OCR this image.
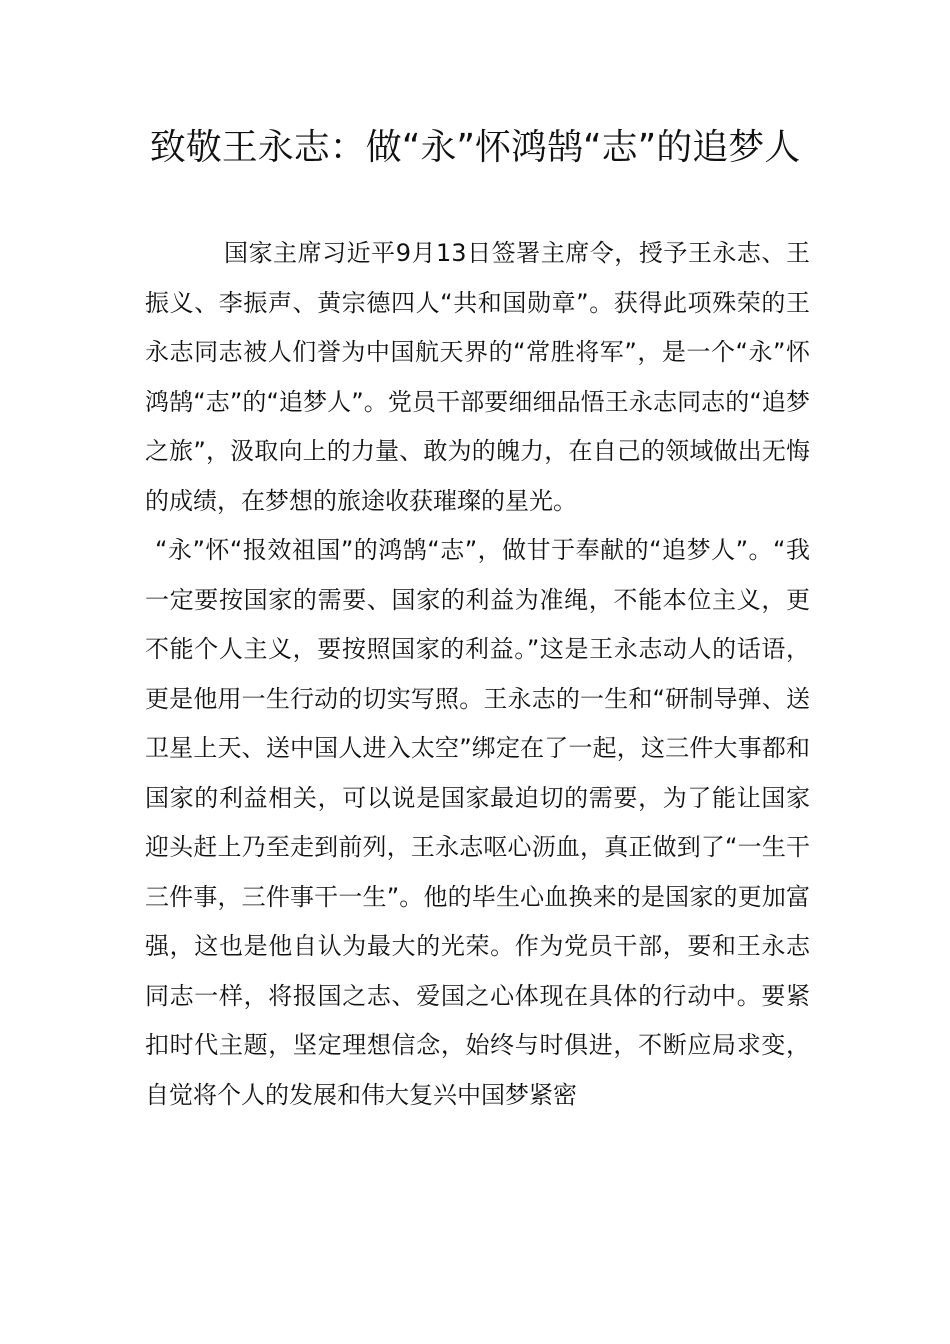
致敬王永志：做“永”怀鸿鹄“志”的追梦人

国家主席习近平9月13日签署主席令，授予王永志、王振义、李振声、黄宗德四人“共和国勋章”。获得此项殊荣的王永志同志被人们誉为中国航天界的“常胜将军”，是一个“永”怀鸿鹄“志”的“追梦人”。党员干部要细细品悟王永志同志的“追梦之旅”，汲取向上的力量、敢为的魄力，在自己的领域做出无悔的成绩，在梦想的旅途收获璀璨的星光。

“永”怀“报效祖国”的鸿鹄“志”，做甘于奉献的“追梦人”。“我一定要按国家的需要、国家的利益为准绳，不能本位主义，更不能个人主义，要按照国家的利益。”这是王永志动人的话语，更是他用一生行动的切实写照。王永志的一生和“研制导弹、送卫星上天、送中国人进入太空”绑定在了一起，这三件大事都和国家的利益相关，可以说是国家最迫切的需要，为了能让国家迎头赶上乃至走到前列，王永志呕心沥血，真正做到了“一生干三件事，三件事干一生”。他的毕生心血换来的是国家的更加富强，这也是他自认为最大的光荣。作为党员干部，要和王永志同志一样，将报国之志、爱国之心体现在具体的行动中。要紧扣时代主题，坚定理想信念，始终与时俱进，不断应局求变，自觉将个人的发展和伟大复兴中国梦紧密
